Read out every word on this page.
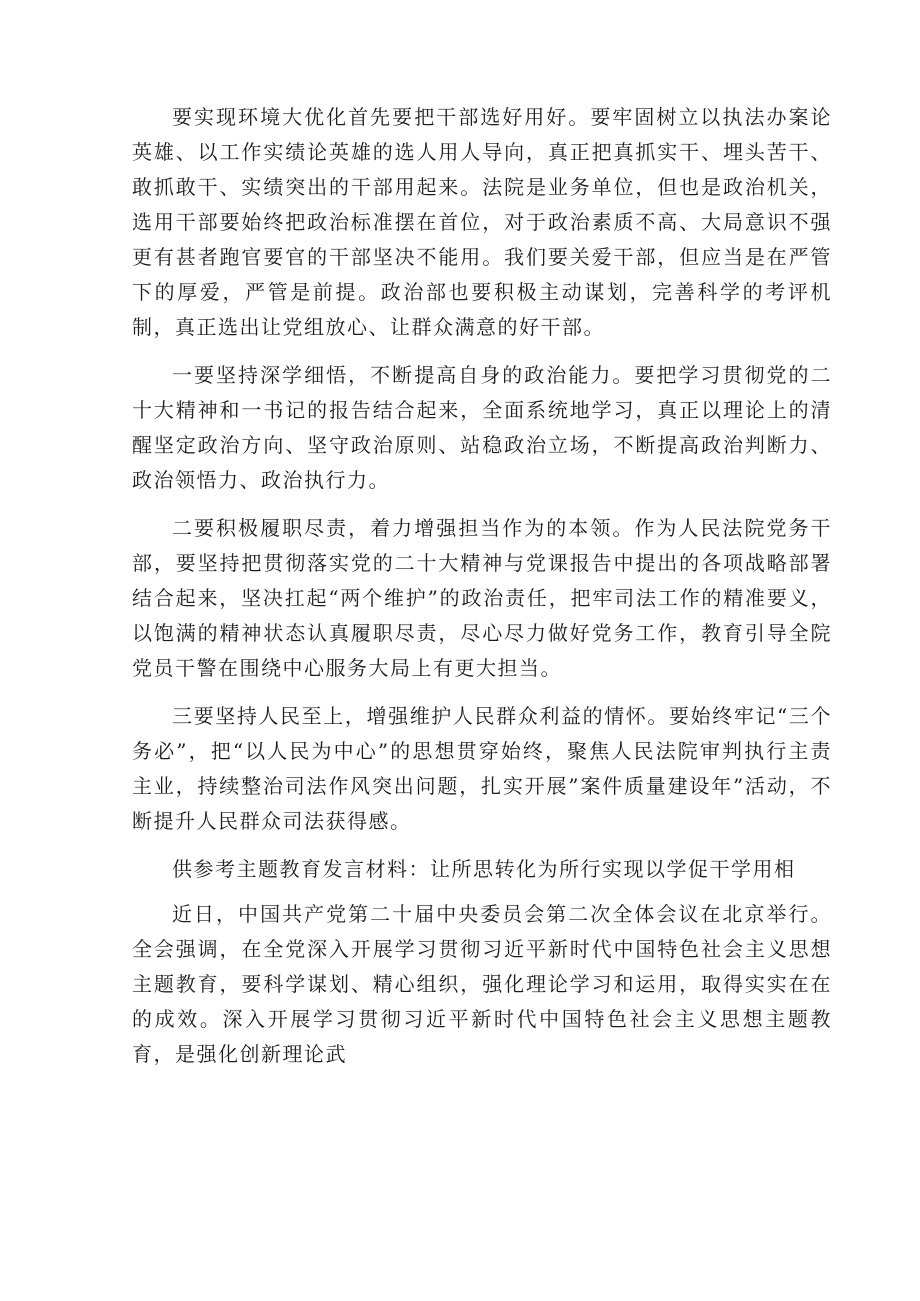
要实现环境大优化首先要把干部选好用好。要牢固树立以执法办案论英雄、以工作实绩论英雄的选人用人导向，真正把真抓实干、埋头苦干、敢抓敢干、实绩突出的干部用起来。法院是业务单位，但也是政治机关，选用干部要始终把政治标准摆在首位，对于政治素质不高、大局意识不强更有甚者跑官要官的干部坚决不能用。我们要关爱干部，但应当是在严管下的厚爱，严管是前提。政治部也要积极主动谋划，完善科学的考评机制，真正选出让党组放心、让群众满意的好干部。

一要坚持深学细悟，不断提高自身的政治能力。要把学习贯彻党的二十大精神和一书记的报告结合起来，全面系统地学习，真正以理论上的清醒坚定政治方向、坚守政治原则、站稳政治立场，不断提高政治判断力、政治领悟力、政治执行力。

二要积极履职尽责，着力增强担当作为的本领。作为人民法院党务干部，要坚持把贯彻落实党的二十大精神与党课报告中提出的各项战略部署结合起来，坚决扛起“两个维护”的政治责任，把牢司法工作的精准要义，以饱满的精神状态认真履职尽责，尽心尽力做好党务工作，教育引导全院党员干警在围绕中心服务大局上有更大担当。

三要坚持人民至上，增强维护人民群众利益的情怀。要始终牢记“三个务必”，把“以人民为中心”的思想贯穿始终，聚焦人民法院审判执行主责主业，持续整治司法作风突出问题，扎实开展”案件质量建设年”活动，不断提升人民群众司法获得感。

供参考主题教育发言材料：让所思转化为所行实现以学促干学用相

近日，中国共产党第二十届中央委员会第二次全体会议在北京举行。全会强调，在全党深入开展学习贯彻习近平新时代中国特色社会主义思想主题教育，要科学谋划、精心组织，强化理论学习和运用，取得实实在在的成效。深入开展学习贯彻习近平新时代中国特色社会主义思想主题教育，是强化创新理论武
